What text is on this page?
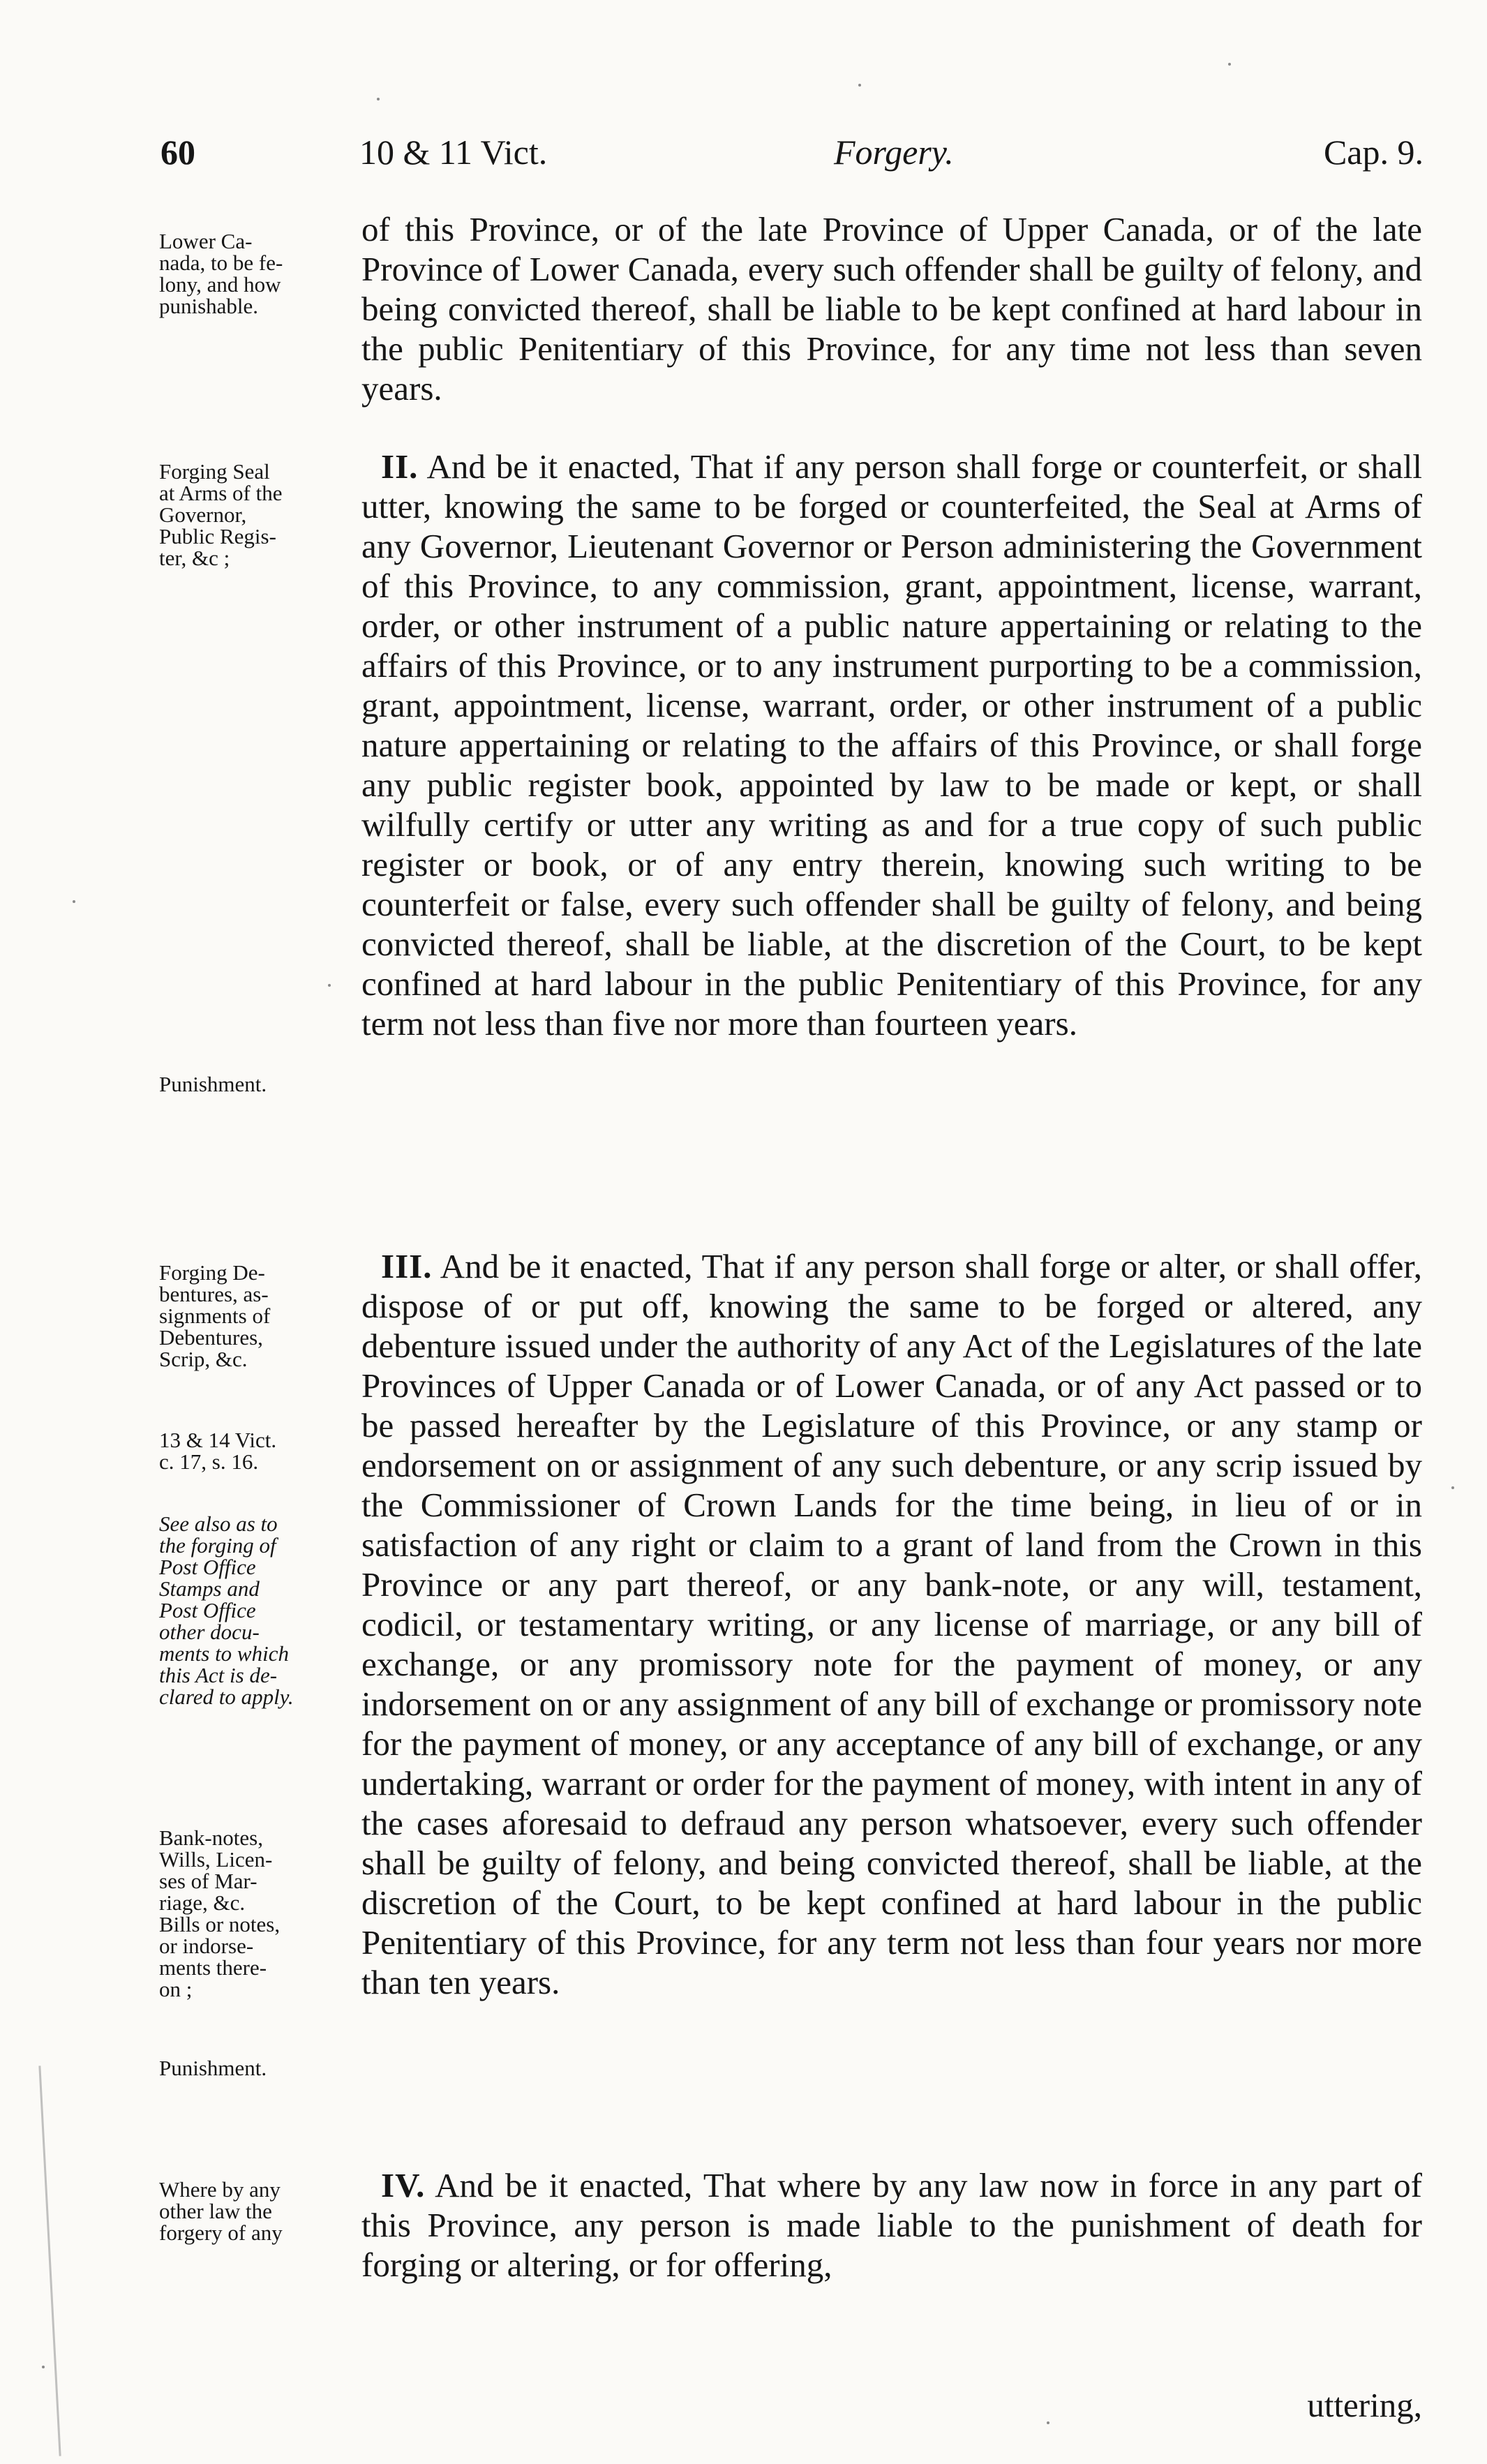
60	10 & 11 Vict.	Forgery.	Cap. 9.
Lower Ca-
nada, to be fe-
lony, and how
punishable.
Forging Seal
at Arms of the
Governor,
Public Regis-
ter, &c ;
Punishment.
Forging De-
bentures, as-
signments of
Debentures,
Scrip, &c.
13 & 14 Vict.
c. 17, s. 16.
See also as to
the forging of
Post Office
Stamps and
Post Office
other docu-
ments to which
this Act is de-
clared to apply.
Bank-notes,
Wills, Licen-
ses of Mar-
riage, &c.
Bills or notes,
or indorse-
ments there-
on ;
Punishment.
Where by any
other law the
forgery of any
of this Province, or of the late Province of Upper Canada, or of the late Province of Lower Canada, every such offender shall be guilty of felony, and being convicted thereof, shall be liable to be kept confined at hard labour in the public Penitentiary of this Province, for any time not less than seven years.
II. And be it enacted, That if any person shall forge or counterfeit, or shall utter, knowing the same to be forged or counterfeited, the Seal at Arms of any Governor, Lieutenant Governor or Person administering the Government of this Province, to any commission, grant, appointment, license, warrant, order, or other instrument of a public nature appertaining or relating to the affairs of this Province, or to any instrument purporting to be a commission, grant, appointment, license, warrant, order, or other instrument of a public nature appertaining or relating to the affairs of this Province, or shall forge any public register book, appointed by law to be made or kept, or shall wilfully certify or utter any writing as and for a true copy of such public register or book, or of any entry therein, knowing such writing to be counterfeit or false, every such offender shall be guilty of felony, and being convicted thereof, shall be liable, at the discretion of the Court, to be kept confined at hard labour in the public Penitentiary of this Province, for any term not less than five nor more than fourteen years.
III. And be it enacted, That if any person shall forge or alter, or shall offer, dispose of or put off, knowing the same to be forged or altered, any debenture issued under the authority of any Act of the Legislatures of the late Provinces of Upper Canada or of Lower Canada, or of any Act passed or to be passed hereafter by the Legislature of this Province, or any stamp or endorsement on or assignment of any such debenture, or any scrip issued by the Commissioner of Crown Lands for the time being, in lieu of or in satisfaction of any right or claim to a grant of land from the Crown in this Province or any part thereof, or any bank-note, or any will, testament, codicil, or testamentary writing, or any license of marriage, or any bill of exchange, or any promissory note for the payment of money, or any indorsement on or any assignment of any bill of exchange or promissory note for the payment of money, or any acceptance of any bill of exchange, or any undertaking, warrant or order for the payment of money, with intent in any of the cases aforesaid to defraud any person whatsoever, every such offender shall be guilty of felony, and being convicted thereof, shall be liable, at the discretion of the Court, to be kept confined at hard labour in the public Penitentiary of this Province, for any term not less than four years nor more than ten years.
IV. And be it enacted, That where by any law now in force in any part of this Province, any person is made liable to the punishment of death for forging or altering, or for offering,
uttering,
